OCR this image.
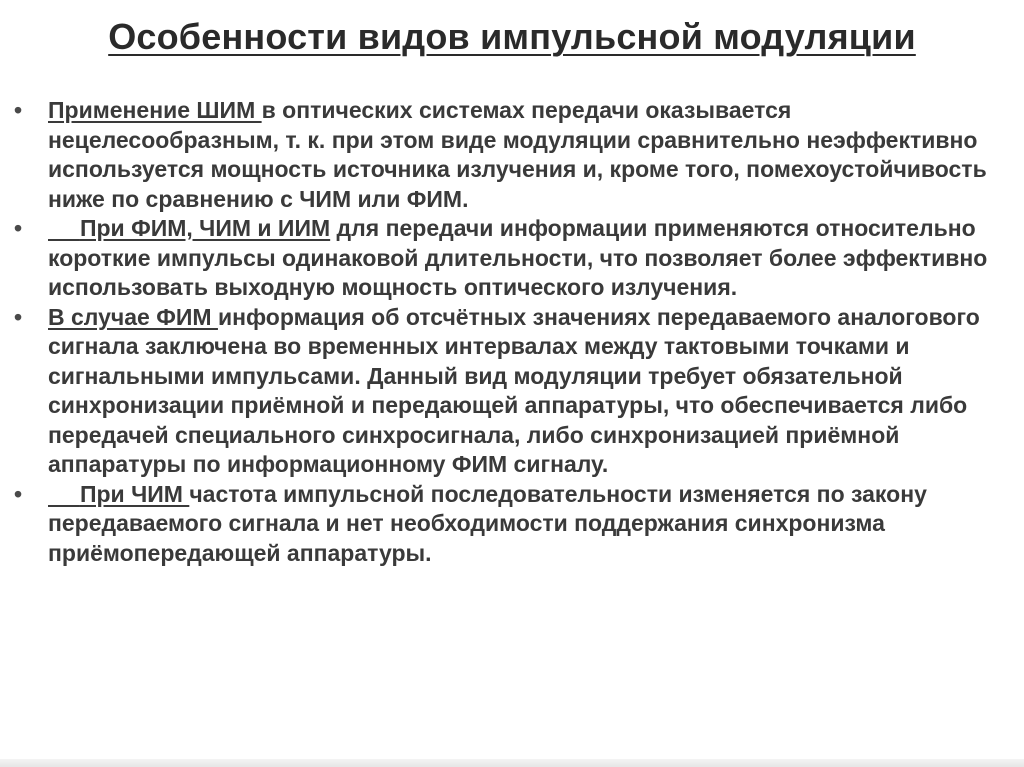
Особенности видов импульсной модуляции
•	Применение ШИМ в оптических системах передачи оказывается нецелесообразным, т. к. при этом виде модуляции сравнительно неэффективно используется мощность источника излучения и, кроме того, помехоустойчивость ниже по сравнению с ЧИМ или ФИМ.
•	При ФИМ, ЧИМ и ИИМ для передачи информации применяются относительно короткие импульсы одинаковой длительности, что позволяет более эффективно использовать выходную мощность оптического излучения.
•	В случае ФИМ информация об отсчётных значениях передаваемого аналогового сигнала заключена во временных интервалах между тактовыми точками и сигнальными импульсами. Данный вид модуляции требует обязательной синхронизации приёмной и передающей аппаратуры, что обеспечивается либо передачей специального синхросигнала, либо синхронизацией приёмной аппаратуры по информационному ФИМ сигналу.
•	При ЧИМ частота импульсной последовательности изменяется по закону передаваемого сигнала и нет необходимости поддержания синхронизма приёмопередающей аппаратуры.
